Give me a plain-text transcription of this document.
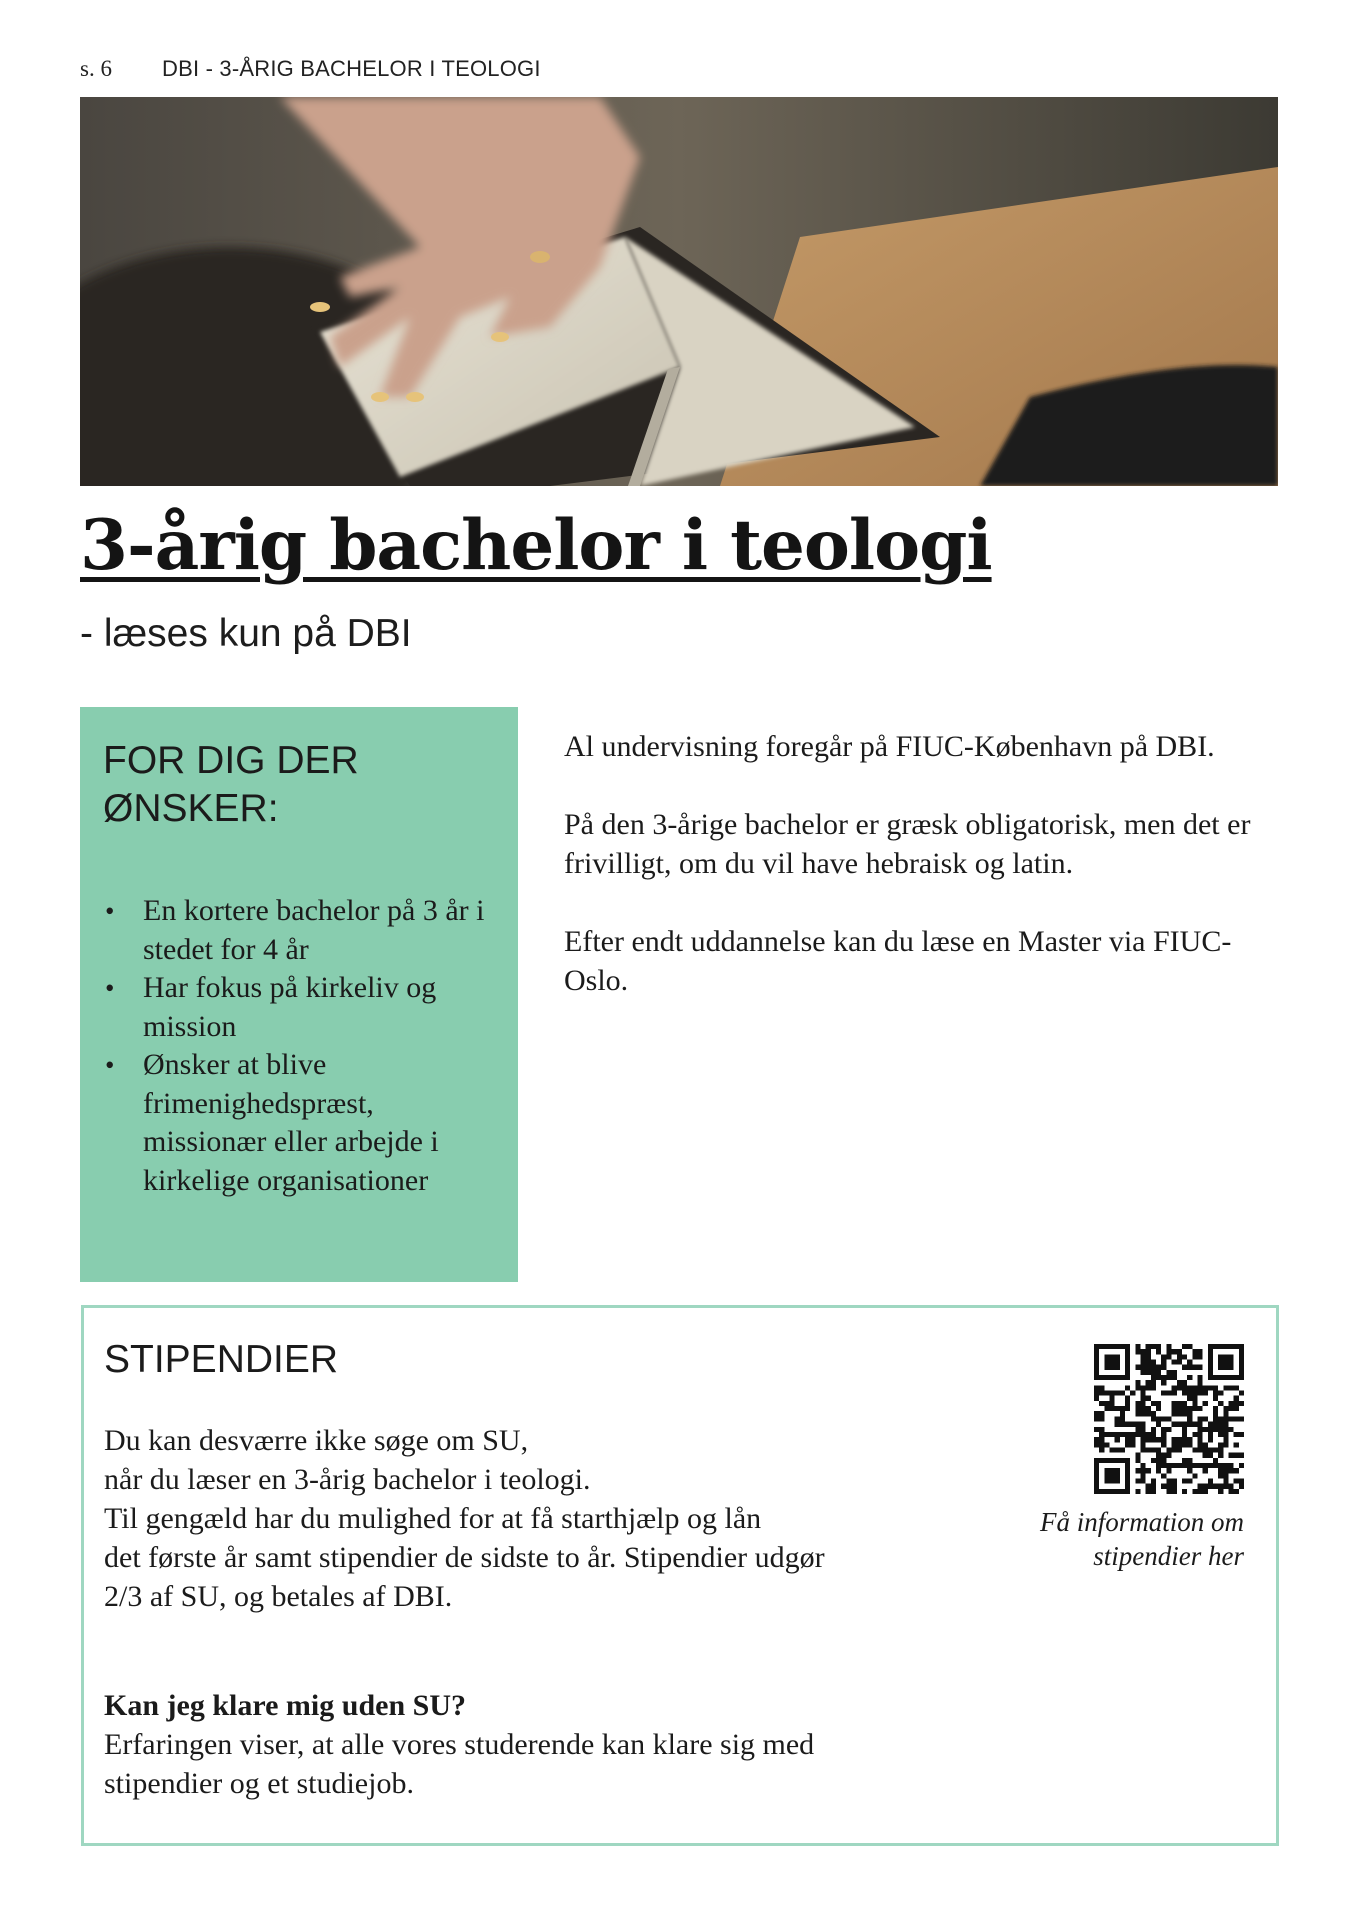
s. 6	DBI - 3-ÅRIG BACHELOR I TEOLOGI
3-årig bachelor i teologi
- læses kun på DBI
FOR DIG DER ØNSKER:
• En kortere bachelor på 3 år i stedet for 4 år
• Har fokus på kirkeliv og mission
• Ønsker at blive frimenighedspræst, missionær eller arbejde i kirkelige organisationer

Al undervisning foregår på FIUC-København på DBI.

På den 3-årige bachelor er græsk obligatorisk, men det er frivilligt, om du vil have hebraisk og latin.

Efter endt uddannelse kan du læse en Master via FIUC-Oslo.

STIPENDIER

Du kan desværre ikke søge om SU,

når du læser en 3-årig bachelor i teologi.

Til gengæld har du mulighed for at få starthjælp og lån

det første år samt stipendier de sidste to år. Stipendier udgør

2/3 af SU, og betales af DBI.

Kan jeg klare mig uden SU?
Erfaringen viser, at alle vores studerende kan klare sig med
stipendier og et studiejob.
Få information om
stipendier her
